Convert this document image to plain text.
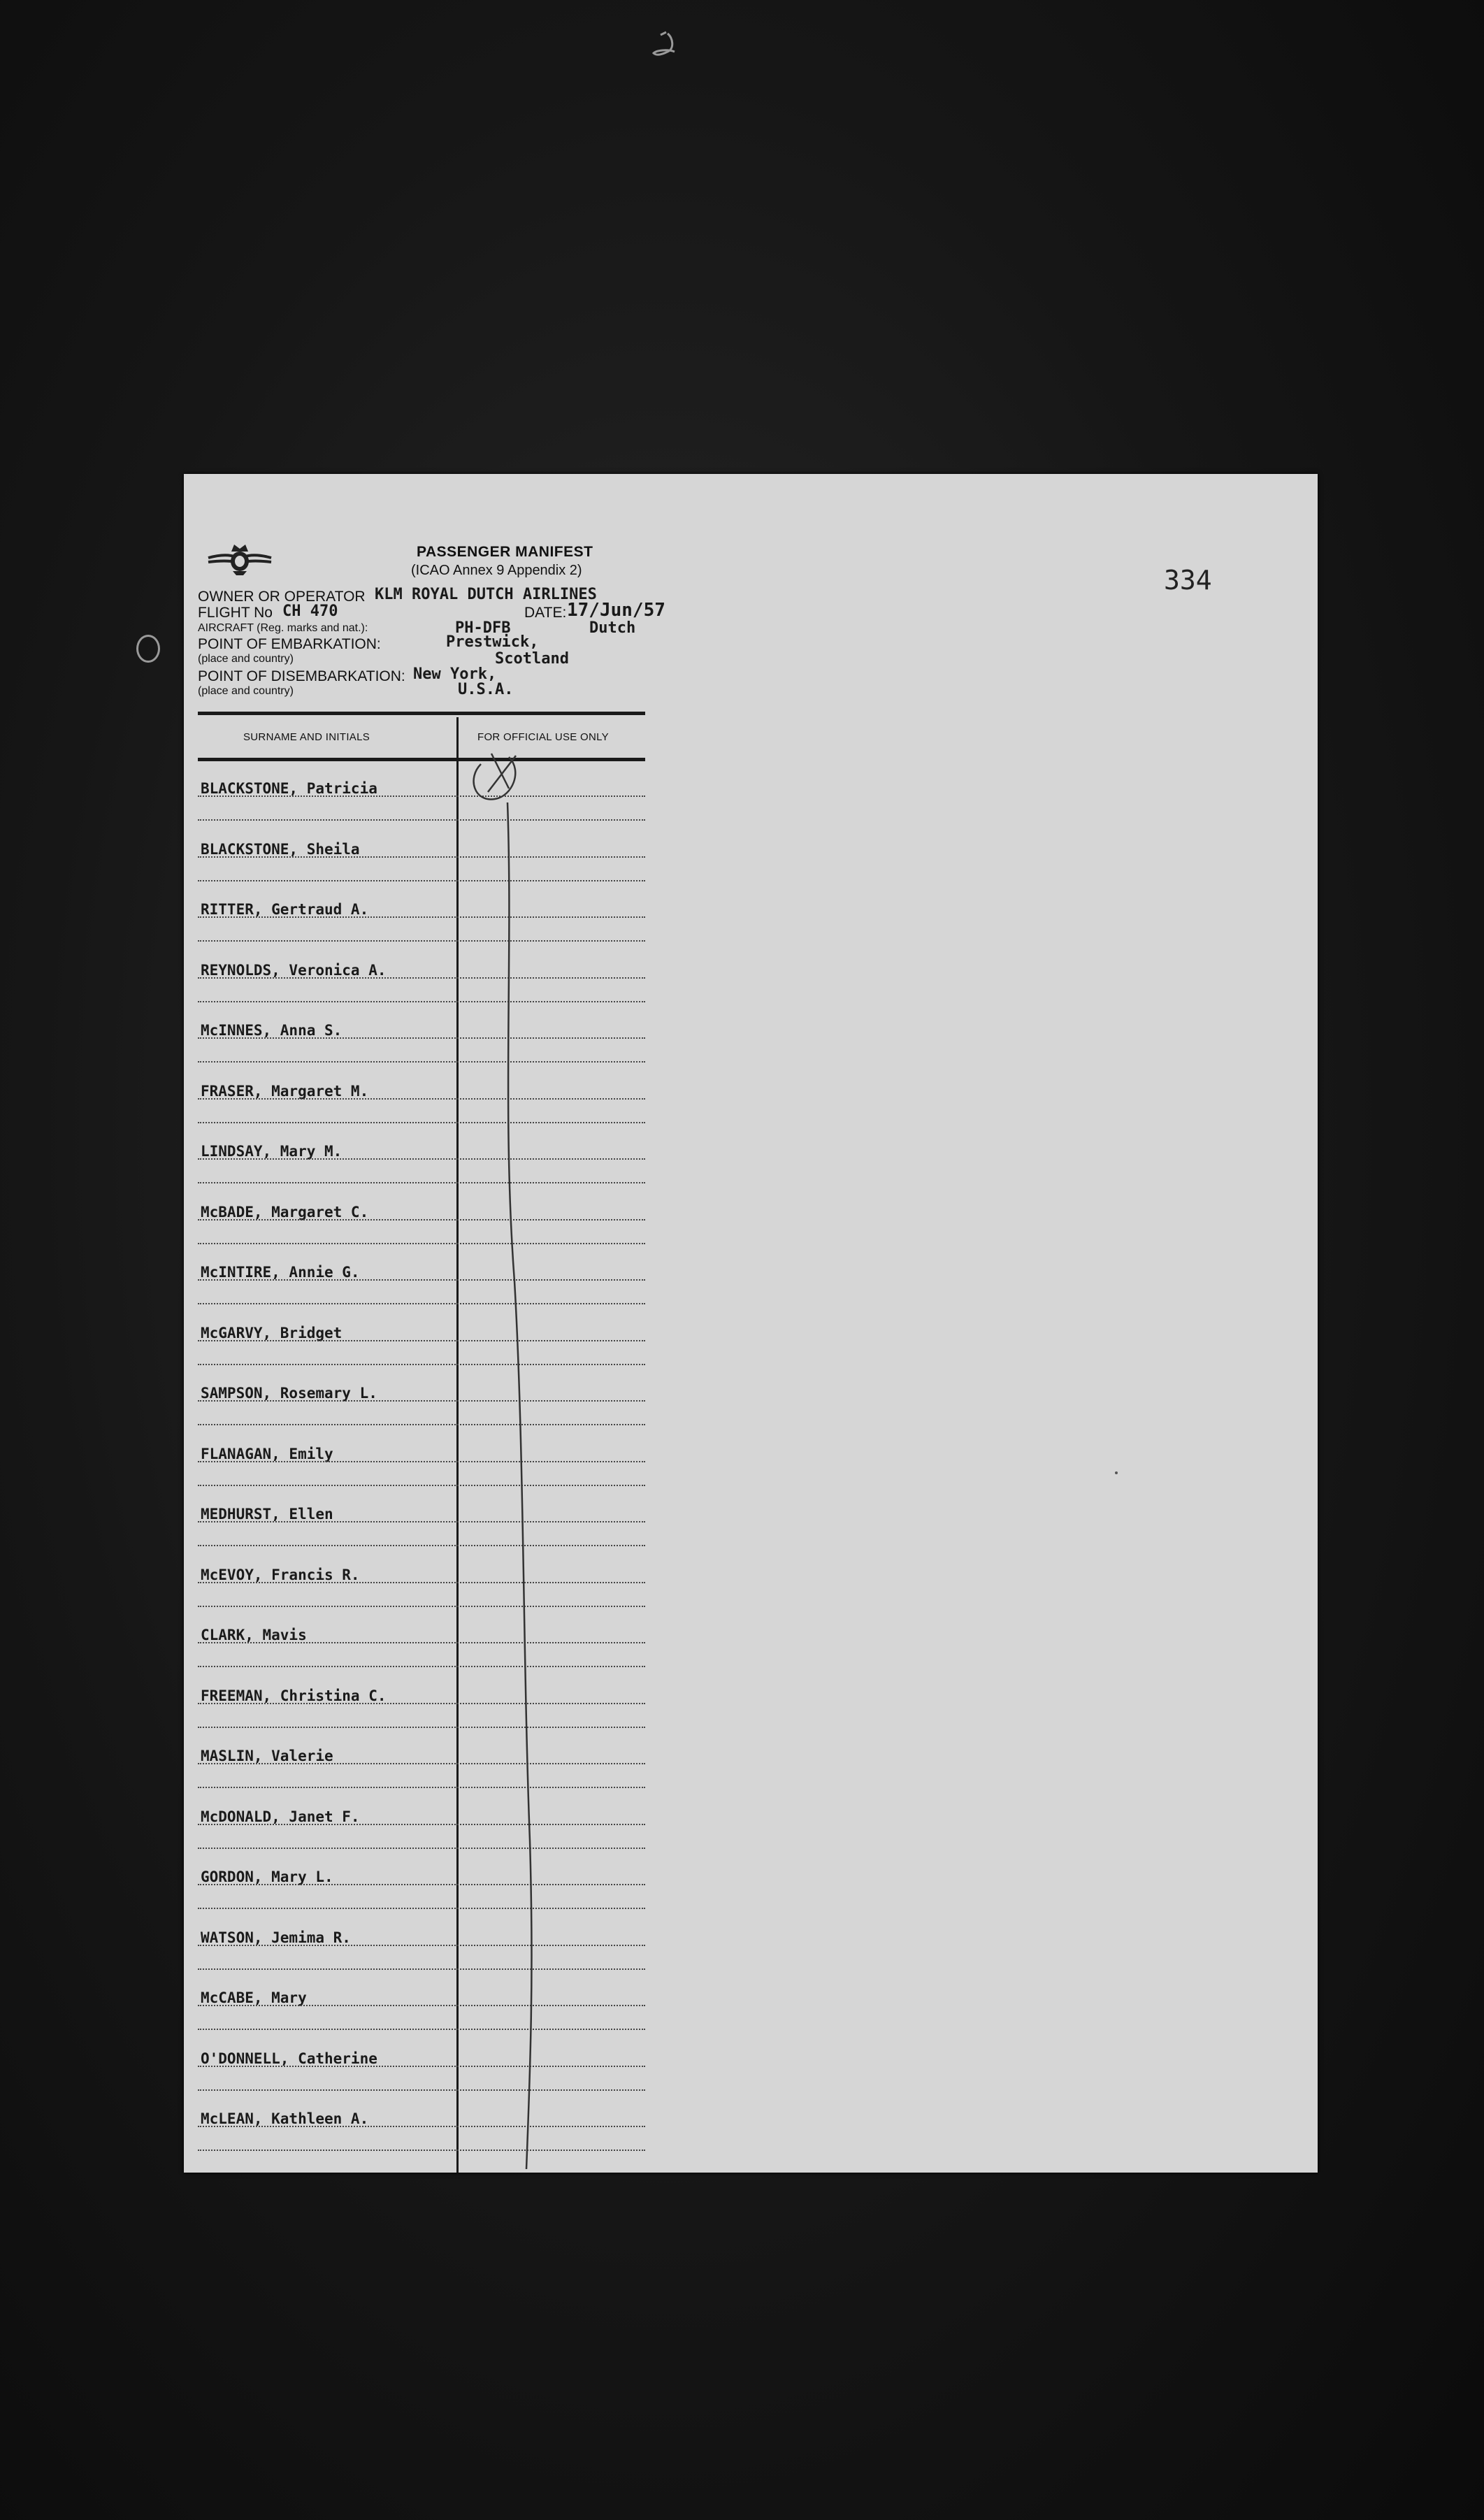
334
PASSENGER MANIFEST
(ICAO Annex 9 Appendix 2)
OWNER OR OPERATOR KLM ROYAL DUTCH AIRLINES
FLIGHT No CH 470	DATE: 17/Jun/57
AIRCRAFT (Reg. marks and nat.):	PH-DFB	Dutch
POINT OF EMBARKATION:	Prestwick,
(place and country)	Scotland
POINT OF DISEMBARKATION: New York,
(place and country)	U.S.A.
SURNAME AND INITIALS	FOR OFFICIAL USE ONLY
BLACKSTONE, Patricia
BLACKSTONE, Sheila
RITTER, Gertraud A.
REYNOLDS, Veronica A.
McINNES, Anna S.
FRASER, Margaret M.
LINDSAY, Mary M.
McBADE, Margaret C.
McINTIRE, Annie G.
McGARVY, Bridget
SAMPSON, Rosemary L.
FLANAGAN, Emily
MEDHURST, Ellen
McEVOY, Francis R.
CLARK, Mavis
FREEMAN, Christina C.
MASLIN, Valerie
McDONALD, Janet F.
GORDON, Mary L.
WATSON, Jemima R.
McCABE, Mary
O'DONNELL, Catherine
McLEAN, Kathleen A.
